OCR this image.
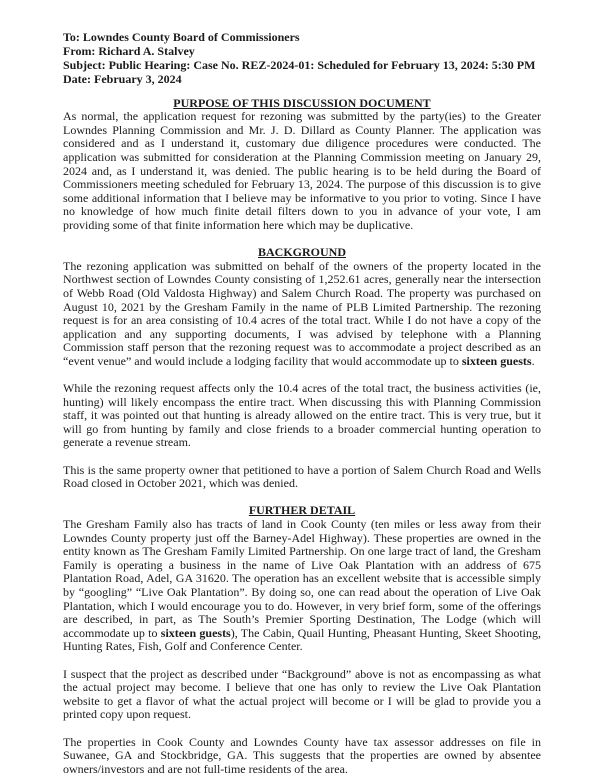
To: Lowndes County Board of Commissioners
From: Richard A. Stalvey
Subject: Public Hearing: Case No. REZ-2024-01: Scheduled for February 13, 2024: 5:30 PM
Date: February 3, 2024
PURPOSE OF THIS DISCUSSION DOCUMENT

As normal, the application request for rezoning was submitted by the party(ies) to the Greater Lowndes Planning Commission and Mr. J. D. Dillard as County Planner. The application was considered and as I understand it, customary due diligence procedures were conducted. The application was submitted for consideration at the Planning Commission meeting on January 29, 2024 and, as I understand it, was denied. The public hearing is to be held during the Board of Commissioners meeting scheduled for February 13, 2024. The purpose of this discussion is to give some additional information that I believe may be informative to you prior to voting. Since I have no knowledge of how much finite detail filters down to you in advance of your vote, I am providing some of that finite information here which may be duplicative.

BACKGROUND

The rezoning application was submitted on behalf of the owners of the property located in the Northwest section of Lowndes County consisting of 1,252.61 acres, generally near the intersection of Webb Road (Old Valdosta Highway) and Salem Church Road. The property was purchased on August 10, 2021 by the Gresham Family in the name of PLB Limited Partnership. The rezoning request is for an area consisting of 10.4 acres of the total tract. While I do not have a copy of the application and any supporting documents, I was advised by telephone with a Planning Commission staff person that the rezoning request was to accommodate a project described as an “event venue” and would include a lodging facility that would accommodate up to sixteen guests.

While the rezoning request affects only the 10.4 acres of the total tract, the business activities (ie, hunting) will likely encompass the entire tract. When discussing this with Planning Commission staff, it was pointed out that hunting is already allowed on the entire tract. This is very true, but it will go from hunting by family and close friends to a broader commercial hunting operation to generate a revenue stream.

This is the same property owner that petitioned to have a portion of Salem Church Road and Wells Road closed in October 2021, which was denied.

FURTHER DETAIL

The Gresham Family also has tracts of land in Cook County (ten miles or less away from their Lowndes County property just off the Barney-Adel Highway). These properties are owned in the entity known as The Gresham Family Limited Partnership. On one large tract of land, the Gresham Family is operating a business in the name of Live Oak Plantation with an address of 675 Plantation Road, Adel, GA 31620. The operation has an excellent website that is accessible simply by “googling” “Live Oak Plantation”. By doing so, one can read about the operation of Live Oak Plantation, which I would encourage you to do. However, in very brief form, some of the offerings are described, in part, as The South’s Premier Sporting Destination, The Lodge (which will accommodate up to sixteen guests), The Cabin, Quail Hunting, Pheasant Hunting, Skeet Shooting, Hunting Rates, Fish, Golf and Conference Center.

I suspect that the project as described under “Background” above is not as encompassing as what the actual project may become. I believe that one has only to review the Live Oak Plantation website to get a flavor of what the actual project will become or I will be glad to provide you a printed copy upon request.

The properties in Cook County and Lowndes County have tax assessor addresses on file in Suwanee, GA and Stockbridge, GA. This suggests that the properties are owned by absentee owners/investors and are not full-time residents of the area.
